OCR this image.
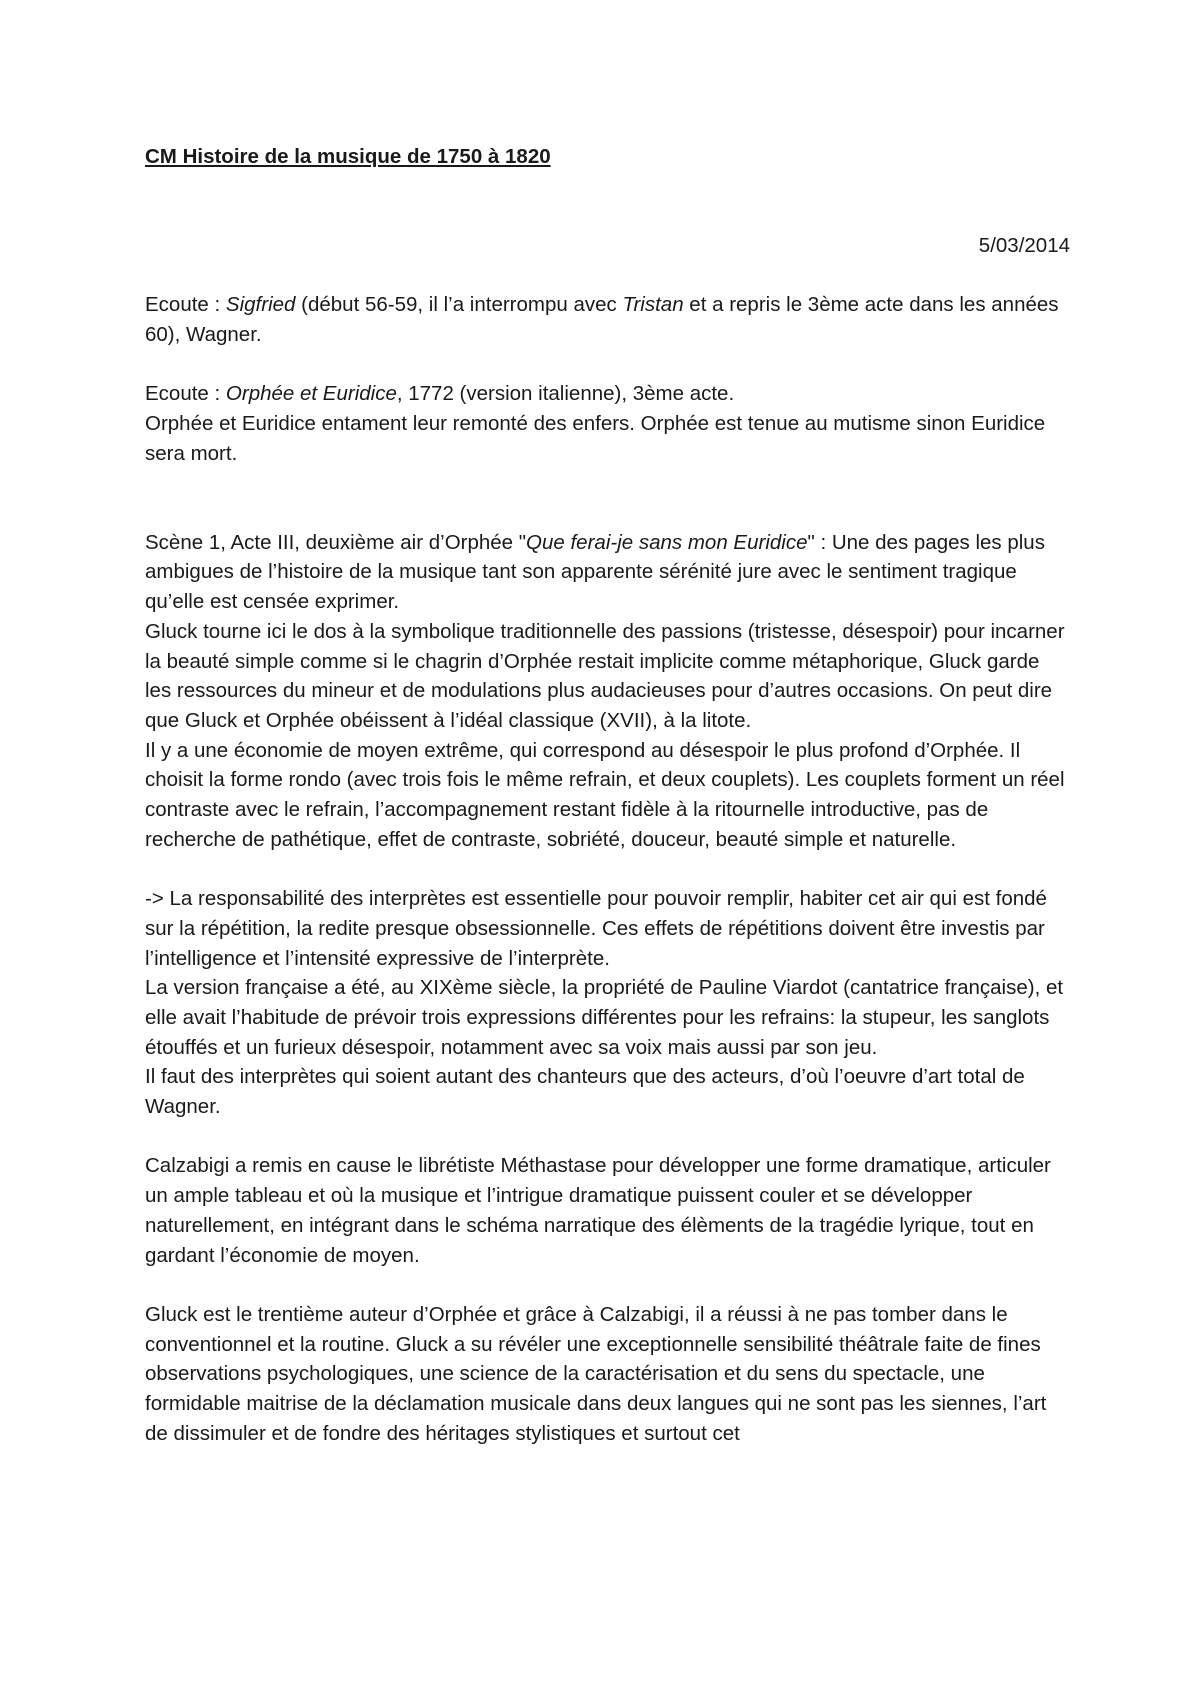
CM Histoire de la musique de 1750 à 1820

5/03/2014

Ecoute : Sigfried (début 56-59, il l’a interrompu avec Tristan et a repris le 3ème acte dans les années 60), Wagner.

Ecoute : Orphée et Euridice, 1772 (version italienne), 3ème acte.

Orphée et Euridice entament leur remonté des enfers. Orphée est tenue au mutisme sinon Euridice sera mort.

Scène 1, Acte III, deuxième air d’Orphée "Que ferai-je sans mon Euridice" : Une des pages les plus ambigues de l’histoire de la musique tant son apparente sérénité jure avec le sentiment tragique qu’elle est censée exprimer.

Gluck tourne ici le dos à la symbolique traditionnelle des passions (tristesse, désespoir) pour incarner la beauté simple comme si le chagrin d’Orphée restait implicite comme métaphorique, Gluck garde les ressources du mineur et de modulations plus audacieuses pour d’autres occasions. On peut dire que Gluck et Orphée obéissent à l’idéal classique (XVII), à la litote.

Il y a une économie de moyen extrême, qui correspond au désespoir le plus profond d’Orphée. Il choisit la forme rondo (avec trois fois le même refrain, et deux couplets). Les couplets forment un réel contraste avec le refrain, l’accompagnement restant fidèle à la ritournelle introductive, pas de recherche de pathétique, effet de contraste, sobriété, douceur, beauté simple et naturelle.

-> La responsabilité des interprètes est essentielle pour pouvoir remplir, habiter cet air qui est fondé sur la répétition, la redite presque obsessionnelle. Ces effets de répétitions doivent être investis par l’intelligence et l’intensité expressive de l’interprète.

La version française a été, au XIXème siècle, la propriété de Pauline Viardot (cantatrice française), et elle avait l’habitude de prévoir trois expressions différentes pour les refrains: la stupeur, les sanglots étouffés et un furieux désespoir, notamment avec sa voix mais aussi par son jeu.

Il faut des interprètes qui soient autant des chanteurs que des acteurs, d’où l’oeuvre d’art total de Wagner.

Calzabigi a remis en cause le librétiste Méthastase pour développer une forme dramatique, articuler un ample tableau et où la musique et l’intrigue dramatique puissent couler et se développer naturellement, en intégrant dans le schéma narratique des élèments de la tragédie lyrique, tout en gardant l’économie de moyen.

Gluck est le trentième auteur d’Orphée et grâce à Calzabigi, il a réussi à ne pas tomber dans le conventionnel et la routine. Gluck a su révéler une exceptionnelle sensibilité théâtrale faite de fines observations psychologiques, une science de la caractérisation et du sens du spectacle, une formidable maitrise de la déclamation musicale dans deux langues qui ne sont pas les siennes, l’art de dissimuler et de fondre des héritages stylistiques et surtout cet
